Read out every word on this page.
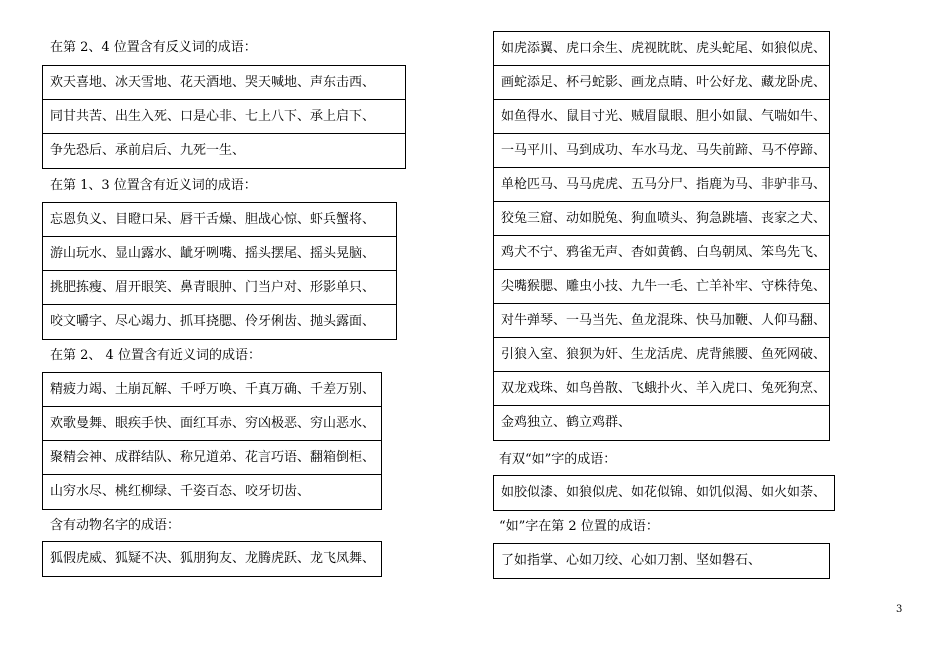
在第 2、4 位置含有反义词的成语：
欢天喜地、冰天雪地、花天酒地、哭天喊地、声东击西、
同甘共苦、出生入死、口是心非、七上八下、承上启下、
争先恐后、承前启后、九死一生、
在第 1、3 位置含有近义词的成语：
忘恩负义、目瞪口呆、唇干舌燥、胆战心惊、虾兵蟹将、
游山玩水、显山露水、龇牙咧嘴、摇头摆尾、摇头晃脑、
挑肥拣瘦、眉开眼笑、鼻青眼肿、门当户对、形影单只、
咬文嚼字、尽心竭力、抓耳挠腮、伶牙俐齿、抛头露面、
在第 2、 4 位置含有近义词的成语：
精疲力竭、土崩瓦解、千呼万唤、千真万确、千差万别、
欢歌曼舞、眼疾手快、面红耳赤、穷凶极恶、穷山恶水、
聚精会神、成群结队、称兄道弟、花言巧语、翻箱倒柜、
山穷水尽、桃红柳绿、千姿百态、咬牙切齿、
含有动物名字的成语：
狐假虎威、狐疑不决、狐朋狗友、龙腾虎跃、龙飞凤舞、
如虎添翼、虎口余生、虎视眈眈、虎头蛇尾、如狼似虎、
画蛇添足、杯弓蛇影、画龙点睛、叶公好龙、藏龙卧虎、
如鱼得水、鼠目寸光、贼眉鼠眼、胆小如鼠、气喘如牛、
一马平川、马到成功、车水马龙、马失前蹄、马不停蹄、
单枪匹马、马马虎虎、五马分尸、指鹿为马、非驴非马、
狡兔三窟、动如脱兔、狗血喷头、狗急跳墙、丧家之犬、
鸡犬不宁、鸦雀无声、杳如黄鹤、白鸟朝凤、笨鸟先飞、
尖嘴猴腮、雕虫小技、九牛一毛、亡羊补牢、守株待兔、
对牛弹琴、一马当先、鱼龙混珠、快马加鞭、人仰马翻、
引狼入室、狼狈为奸、生龙活虎、虎背熊腰、鱼死网破、
双龙戏珠、如鸟兽散、飞蛾扑火、羊入虎口、兔死狗烹、
金鸡独立、鹤立鸡群、
有双“如”字的成语：
如胶似漆、如狼似虎、如花似锦、如饥似渴、如火如荼、
“如”字在第 2 位置的成语：
了如指掌、心如刀绞、心如刀割、坚如磐石、
3
